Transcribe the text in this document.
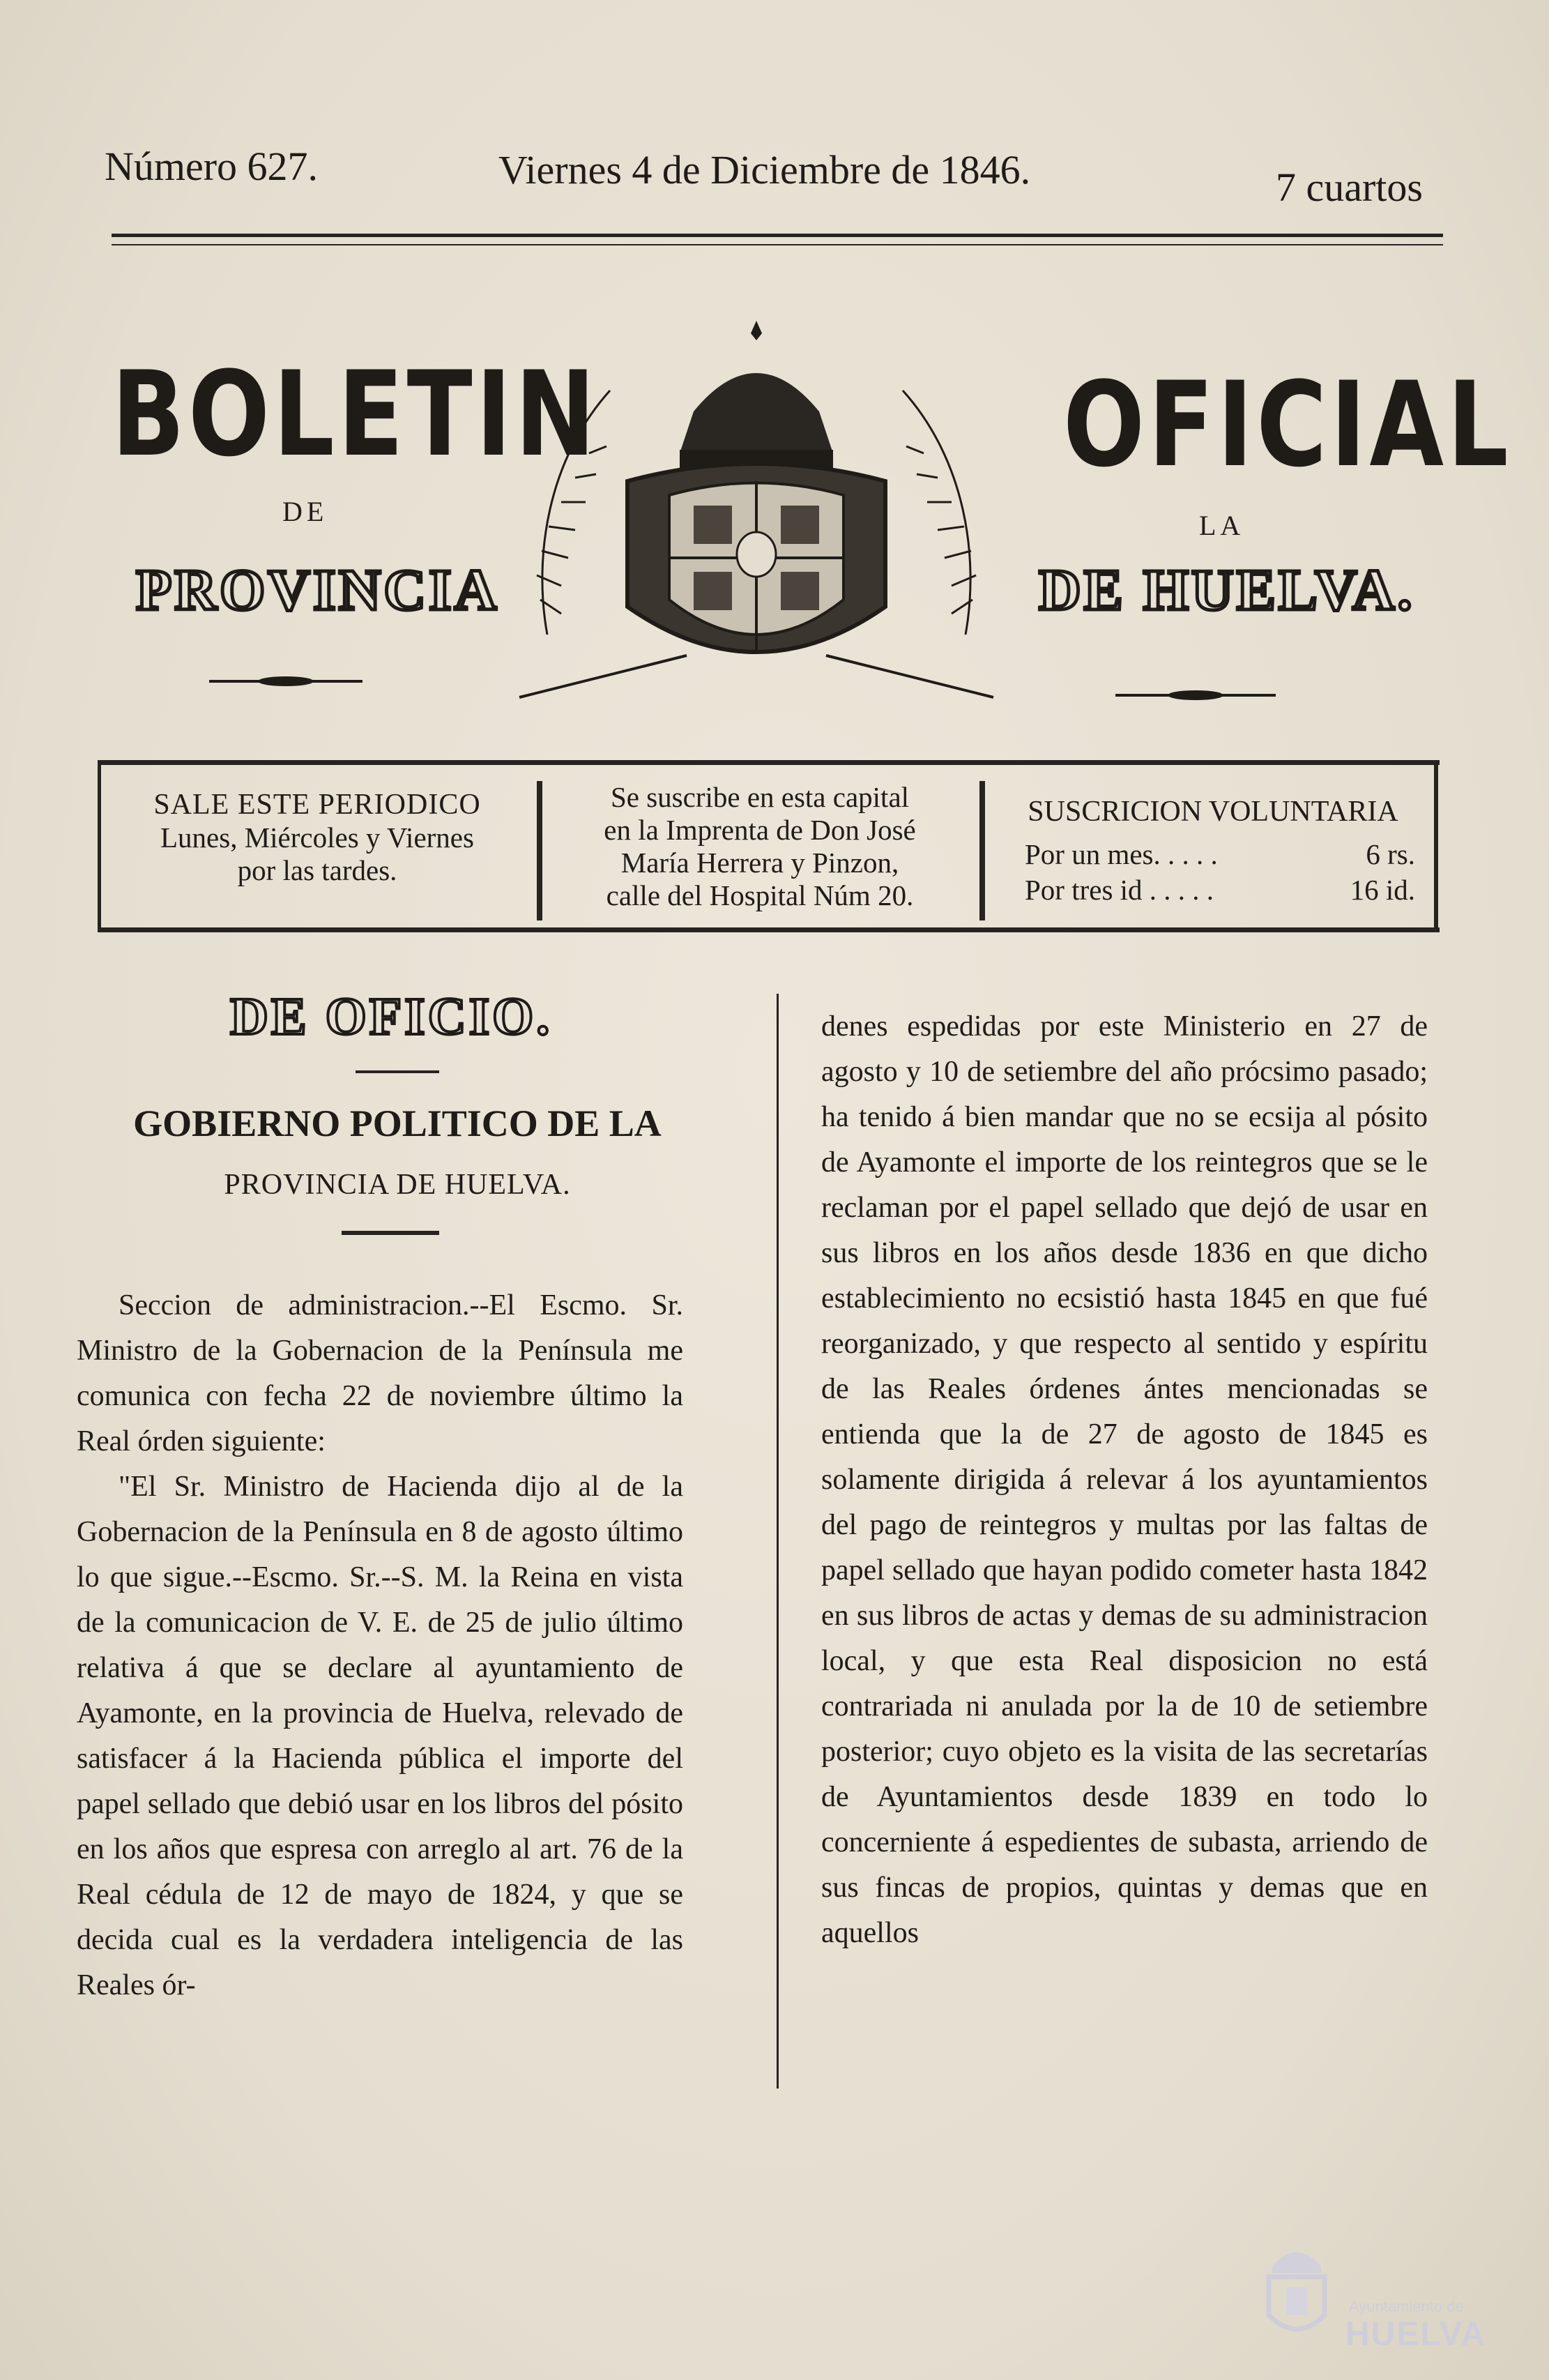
Número 627.	Viernes 4 de Diciembre de 1846.	7 cuartos
BOLETIN	OFICIAL
DE	LA
PROVINCIA	DE HUELVA.
SALE ESTE PERIODICO
Lunes, Miércoles y Viernes
por las tardes.
Se suscribe en esta capital
en la Imprenta de Don José
María Herrera y Pinzon,
calle del Hospital Núm 20.
SUSCRICION VOLUNTARIA
Por un mes. . . . .	6 rs.
Por tres id . . . . .	16 id.
DE OFICIO.
GOBIERNO POLITICO DE LA
PROVINCIA DE HUELVA.

Seccion de administracion.--El Escmo. Sr. Ministro de la Gobernacion de la Península me comunica con fecha 22 de noviembre último la Real órden siguiente:

"El Sr. Ministro de Hacienda dijo al de la Gobernacion de la Península en 8 de agosto último lo que sigue.--Escmo. Sr.--S. M. la Reina en vista de la comunicacion de V. E. de 25 de julio último relativa á que se declare al ayuntamiento de Ayamonte, en la provincia de Huelva, relevado de satisfacer á la Hacienda pública el importe del papel sellado que debió usar en los libros del pósito en los años que espresa con arreglo al art. 76 de la Real cédula de 12 de mayo de 1824, y que se decida cual es la verdadera inteligencia de las Reales ór-

denes espedidas por este Ministerio en 27 de agosto y 10 de setiembre del año prócsimo pasado; ha tenido á bien mandar que no se ecsija al pósito de Ayamonte el importe de los reintegros que se le reclaman por el papel sellado que dejó de usar en sus libros en los años desde 1836 en que dicho establecimiento no ecsistió hasta 1845 en que fué reorganizado, y que respecto al sentido y espíritu de las Reales órdenes ántes mencionadas se entienda que la de 27 de agosto de 1845 es solamente dirigida á relevar á los ayuntamientos del pago de reintegros y multas por las faltas de papel sellado que hayan podido cometer hasta 1842 en sus libros de actas y demas de su administracion local, y que esta Real disposicion no está contrariada ni anulada por la de 10 de setiembre posterior; cuyo objeto es la visita de las secretarías de Ayuntamientos desde 1839 en todo lo concerniente á espedientes de subasta, arriendo de sus fincas de propios, quintas y demas que en aquellos

Ayuntamiento de
HUELVA
